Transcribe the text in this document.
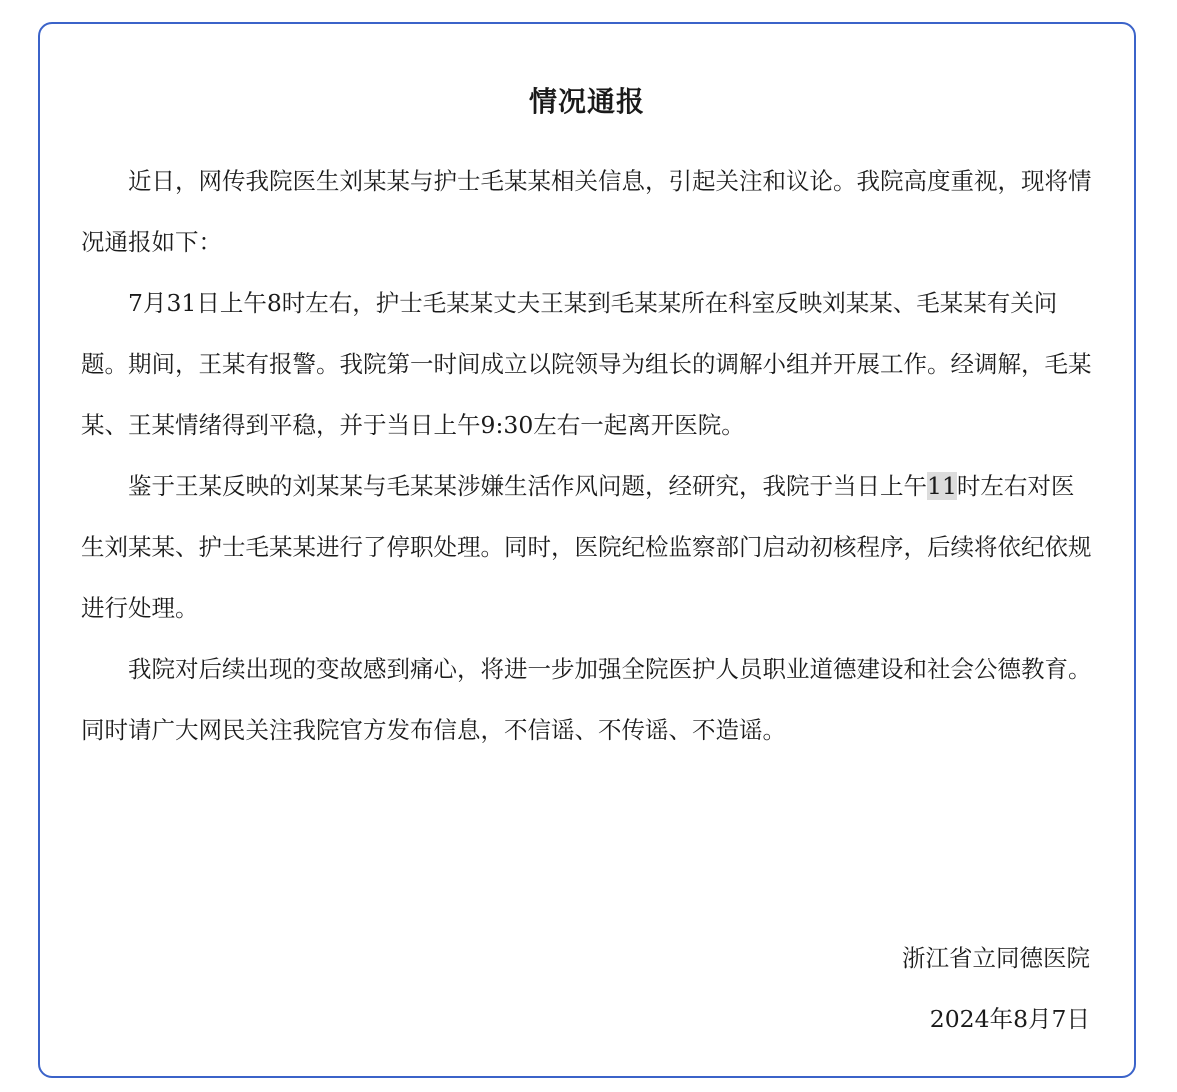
情况通报

近日，网传我院医生刘某某与护士毛某某相关信息，引起关注和议论。我院高度重视，现将情况通报如下：

7月31日上午8时左右，护士毛某某丈夫王某到毛某某所在科室反映刘某某、毛某某有关问题。期间，王某有报警。我院第一时间成立以院领导为组长的调解小组并开展工作。经调解，毛某某、王某情绪得到平稳，并于当日上午9:30左右一起离开医院。

鉴于王某反映的刘某某与毛某某涉嫌生活作风问题，经研究，我院于当日上午11时左右对医生刘某某、护士毛某某进行了停职处理。同时，医院纪检监察部门启动初核程序，后续将依纪依规进行处理。

我院对后续出现的变故感到痛心，将进一步加强全院医护人员职业道德建设和社会公德教育。同时请广大网民关注我院官方发布信息，不信谣、不传谣、不造谣。

浙江省立同德医院

2024年8月7日
